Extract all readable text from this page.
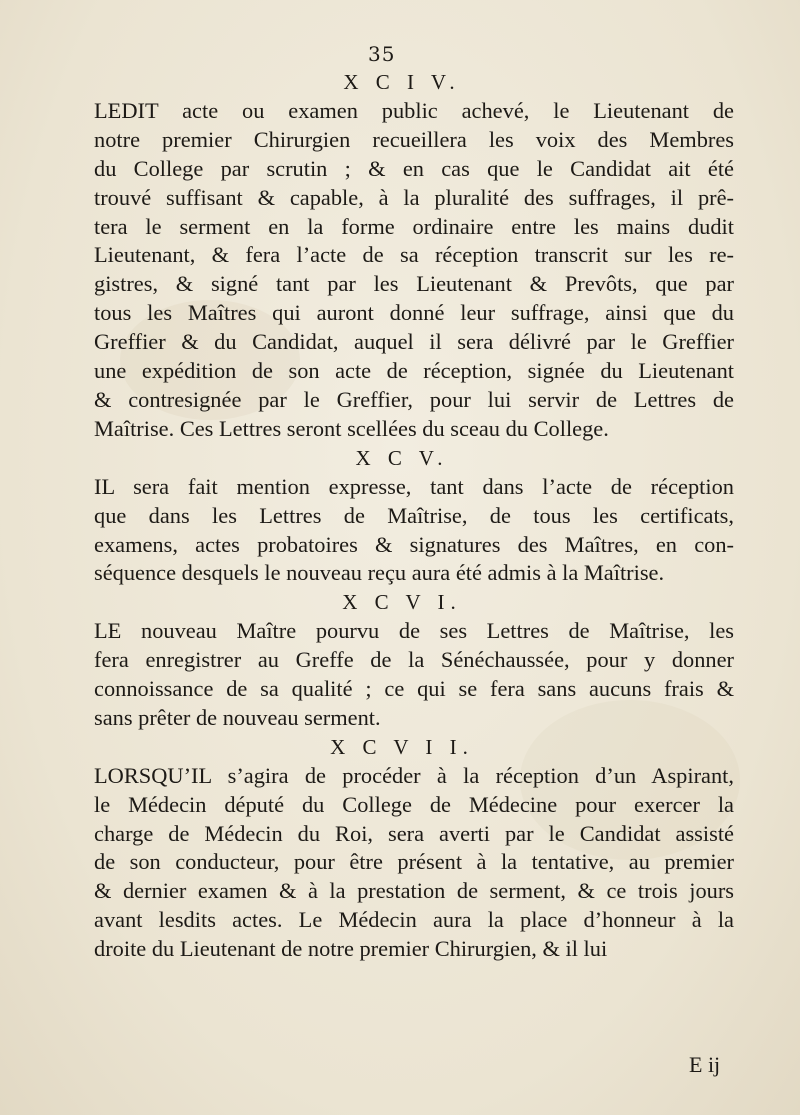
35
X C I V.
LEDIT acte ou examen public achevé, le Lieutenant de
notre premier Chirurgien recueillera les voix des Membres
du College par scrutin ; & en cas que le Candidat ait été
trouvé suffisant & capable, à la pluralité des suffrages, il prê-
tera le serment en la forme ordinaire entre les mains dudit
Lieutenant, & fera l’acte de sa réception transcrit sur les re-
gistres, & signé tant par les Lieutenant & Prevôts, que par
tous les Maîtres qui auront donné leur suffrage, ainsi que du
Greffier & du Candidat, auquel il sera délivré par le Greffier
une expédition de son acte de réception, signée du Lieutenant
& contresignée par le Greffier, pour lui servir de Lettres de
Maîtrise. Ces Lettres seront scellées du sceau du College.
X C V.
IL sera fait mention expresse, tant dans l’acte de réception
que dans les Lettres de Maîtrise, de tous les certificats,
examens, actes probatoires & signatures des Maîtres, en con-
séquence desquels le nouveau reçu aura été admis à la Maîtrise.
X C V I.
LE nouveau Maître pourvu de ses Lettres de Maîtrise, les
fera enregistrer au Greffe de la Sénéchaussée, pour y donner
connoissance de sa qualité ; ce qui se fera sans aucuns frais &
sans prêter de nouveau serment.
X C V I I.
LORSQU’IL s’agira de procéder à la réception d’un Aspirant,
le Médecin député du College de Médecine pour exercer la
charge de Médecin du Roi, sera averti par le Candidat assisté
de son conducteur, pour être présent à la tentative, au premier
& dernier examen & à la prestation de serment, & ce trois jours
avant lesdits actes. Le Médecin aura la place d’honneur à la
droite du Lieutenant de notre premier Chirurgien, & il lui
E ij
